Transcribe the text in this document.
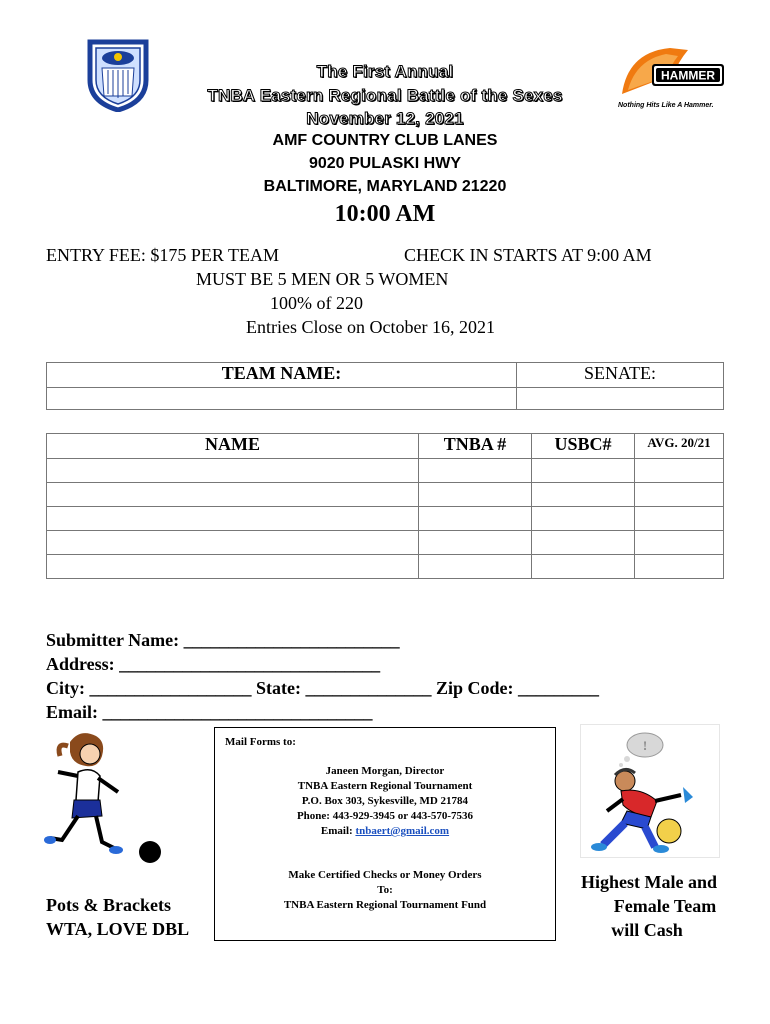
HAMMER
Nothing Hits Like A Hammer.
The First Annual
TNBA Eastern Regional Battle of the Sexes
November 12, 2021
AMF COUNTRY CLUB LANES
9020 PULASKI HWY
BALTIMORE, MARYLAND 21220
10:00 AM
ENTRY FEE: $175 PER TEAM	CHECK IN STARTS AT 9:00 AM
MUST BE 5 MEN OR 5 WOMEN
100% of 220
Entries Close on October 16, 2021
TEAM NAME:	SENATE:

NAME	TNBA #	USBC#	AVG. 20/21

Submitter Name: ________________________
Address: _____________________________
City: __________________ State: ______________ Zip Code: _________
Email: ______________________________
Mail Forms to:
Janeen Morgan, Director
TNBA Eastern Regional Tournament
P.O. Box 303, Sykesville, MD 21784
Phone: 443-929-3945 or 443-570-7536
Email: tnbaert@gmail.com
Make Certified Checks or Money Orders
To:
TNBA Eastern Regional Tournament Fund
!
Pots & Brackets
WTA, LOVE DBL
Highest Male and
Female Team
will Cash
